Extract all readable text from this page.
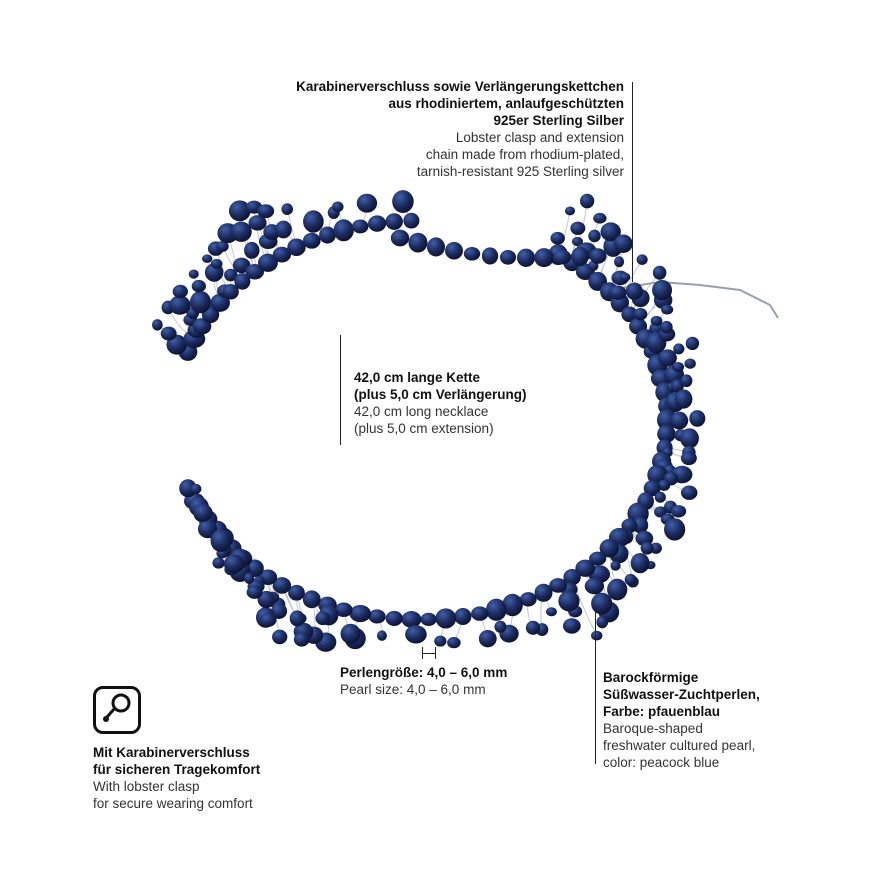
Karabinerverschluss sowie Verlängerungskettchen
aus rhodiniertem, anlaufgeschützten
925er Sterling Silber
Lobster clasp and extension
chain made from rhodium-plated,
tarnish-resistant 925 Sterling silver
42,0 cm lange Kette
(plus 5,0 cm Verlängerung)
42,0 cm long necklace
(plus 5,0 cm extension)
Perlengröße: 4,0 – 6,0 mm
Pearl size: 4,0 – 6,0 mm
Barockförmige
Süßwasser-Zuchtperlen,
Farbe: pfauenblau
Baroque-shaped
freshwater cultured pearl,
color: peacock blue
Mit Karabinerverschluss
für sicheren Tragekomfort
With lobster clasp
for secure wearing comfort
